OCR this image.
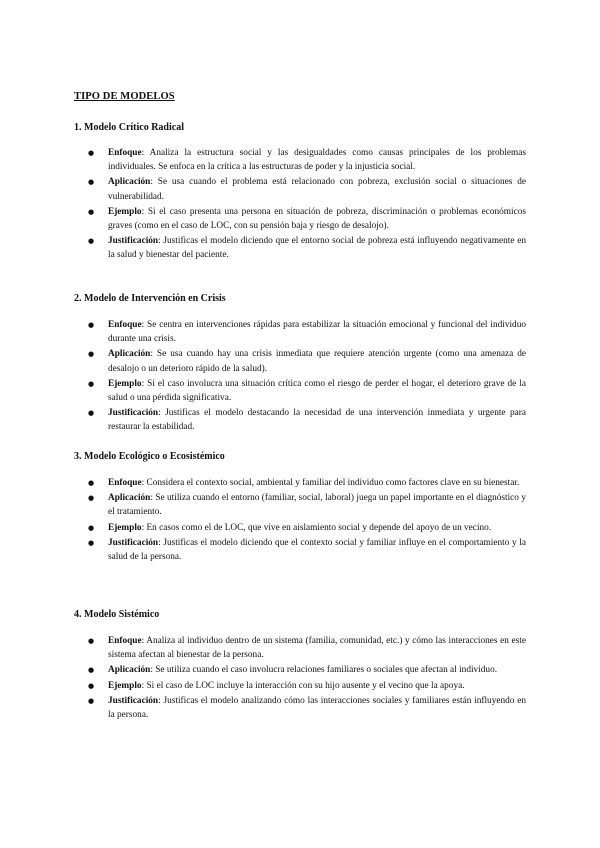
TIPO DE MODELOS
1. Modelo Crítico Radical
● Enfoque: Analiza la estructura social y las desigualdades como causas principales de los problemas individuales. Se enfoca en la crítica a las estructuras de poder y la injusticia social.
● Aplicación: Se usa cuando el problema está relacionado con pobreza, exclusión social o situaciones de vulnerabilidad.
● Ejemplo: Si el caso presenta una persona en situación de pobreza, discriminación o problemas económicos graves (como en el caso de LOC, con su pensión baja y riesgo de desalojo).
● Justificación: Justificas el modelo diciendo que el entorno social de pobreza está influyendo negativamente en la salud y bienestar del paciente.
2. Modelo de Intervención en Crisis
● Enfoque: Se centra en intervenciones rápidas para estabilizar la situación emocional y funcional del individuo durante una crisis.
● Aplicación: Se usa cuando hay una crisis inmediata que requiere atención urgente (como una amenaza de desalojo o un deterioro rápido de la salud).
● Ejemplo: Si el caso involucra una situación crítica como el riesgo de perder el hogar, el deterioro grave de la salud o una pérdida significativa.
● Justificación: Justificas el modelo destacando la necesidad de una intervención inmediata y urgente para restaurar la estabilidad.
3. Modelo Ecológico o Ecosistémico
● Enfoque: Considera el contexto social, ambiental y familiar del individuo como factores clave en su bienestar.
● Aplicación: Se utiliza cuando el entorno (familiar, social, laboral) juega un papel importante en el diagnóstico y el tratamiento.
● Ejemplo: En casos como el de LOC, que vive en aislamiento social y depende del apoyo de un vecino.
● Justificación: Justificas el modelo diciendo que el contexto social y familiar influye en el comportamiento y la salud de la persona.
4. Modelo Sistémico
● Enfoque: Analiza al individuo dentro de un sistema (familia, comunidad, etc.) y cómo las interacciones en este sistema afectan al bienestar de la persona.
● Aplicación: Se utiliza cuando el caso involucra relaciones familiares o sociales que afectan al individuo.
● Ejemplo: Si el caso de LOC incluye la interacción con su hijo ausente y el vecino que la apoya.
● Justificación: Justificas el modelo analizando cómo las interacciones sociales y familiares están influyendo en la persona.
